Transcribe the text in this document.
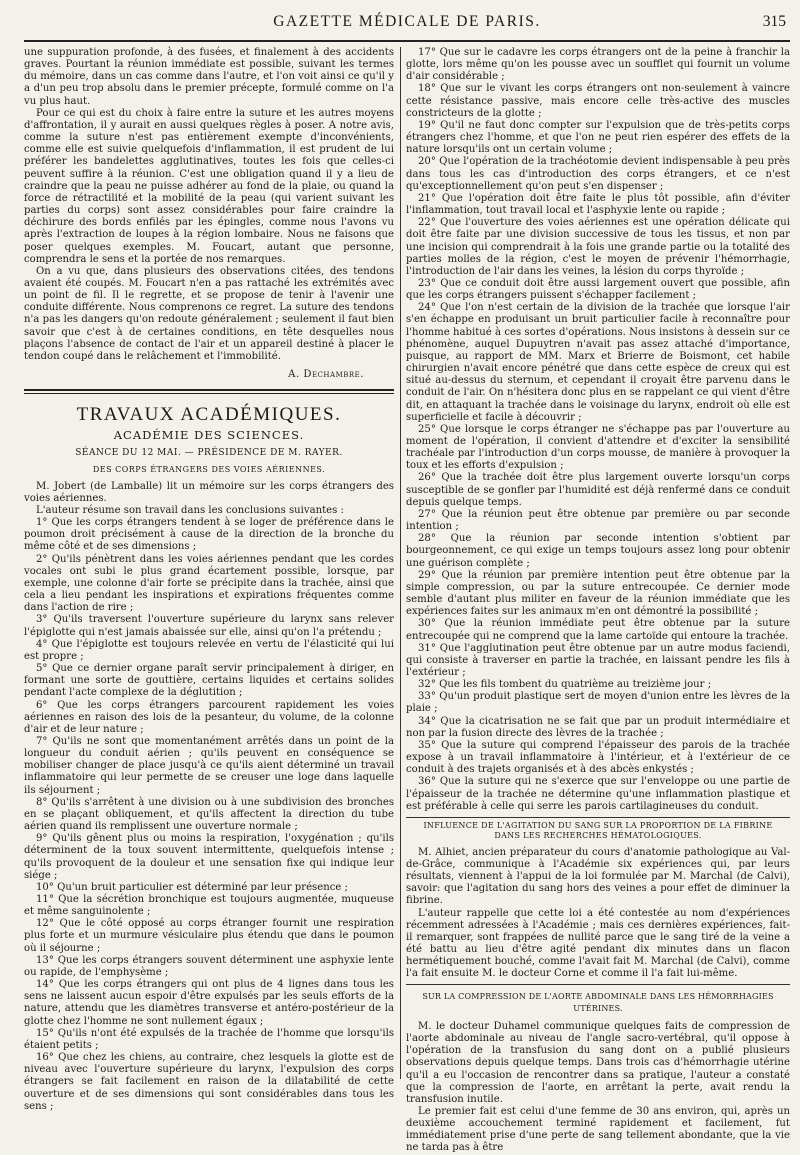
GAZETTE MÉDICALE DE PARIS.	315

une suppuration profonde, à des fusées, et finalement à des accidents graves. Pourtant la réunion immédiate est possible, suivant les termes du mémoire, dans un cas comme dans l'autre, et l'on voit ainsi ce qu'il y a d'un peu trop absolu dans le premier précepte, formulé comme on l'a vu plus haut.

Pour ce qui est du choix à faire entre la suture et les autres moyens d'affrontation, il y aurait en aussi quelques règles à poser. A notre avis, comme la suture n'est pas entièrement exempte d'inconvénients, comme elle est suivie quelquefois d'inflammation, il est prudent de lui préférer les bandelettes agglutinatives, toutes les fois que celles-ci peuvent suffire à la réunion. C'est une obligation quand il y a lieu de craindre que la peau ne puisse adhérer au fond de la plaie, ou quand la force de rétractilité et la mobilité de la peau (qui varient suivant les parties du corps) sont assez considérables pour faire craindre la déchirure des bords enfilés par les épingles, comme nous l'avons vu après l'extraction de loupes à la région lombaire. Nous ne faisons que poser quelques exemples. M. Foucart, autant que personne, comprendra le sens et la portée de nos remarques.

On a vu que, dans plusieurs des observations citées, des tendons avaient été coupés. M. Foucart n'en a pas rattaché les extrémités avec un point de fil. Il le regrette, et se propose de tenir à l'avenir une conduite différente. Nous comprenons ce regret. La suture des tendons n'a pas les dangers qu'on redoute généralement ; seulement il faut bien savoir que c'est à de certaines conditions, en tête desquelles nous plaçons l'absence de contact de l'air et un appareil destiné à placer le tendon coupé dans le relâchement et l'immobilité.

A. Dechambre.
TRAVAUX ACADÉMIQUES.
ACADÉMIE DES SCIENCES.
SÉANCE DU 12 MAI. — PRÉSIDENCE DE M. RAYER.
DES CORPS ÉTRANGERS DES VOIES AÉRIENNES.

M. Jobert (de Lamballe) lit un mémoire sur les corps étrangers des voies aériennes.

L'auteur résume son travail dans les conclusions suivantes :

1° Que les corps étrangers tendent à se loger de préférence dans le poumon droit précisément à cause de la direction de la bronche du même côté et de ses dimensions ;

2° Qu'ils pénètrent dans les voies aériennes pendant que les cordes vocales ont subi le plus grand écartement possible, lorsque, par exemple, une colonne d'air forte se précipite dans la trachée, ainsi que cela a lieu pendant les inspirations et expirations fréquentes comme dans l'action de rire ;

3° Qu'ils traversent l'ouverture supérieure du larynx sans relever l'épiglotte qui n'est jamais abaissée sur elle, ainsi qu'on l'a prétendu ;

4° Que l'épiglotte est toujours relevée en vertu de l'élasticité qui lui est propre ;

5° Que ce dernier organe paraît servir principalement à diriger, en formant une sorte de gouttière, certains liquides et certains solides pendant l'acte complexe de la déglutition ;

6° Que les corps étrangers parcourent rapidement les voies aériennes en raison des lois de la pesanteur, du volume, de la colonne d'air et de leur nature ;

7° Qu'ils ne sont que momentanément arrêtés dans un point de la longueur du conduit aérien ; qu'ils peuvent en conséquence se mobiliser changer de place jusqu'à ce qu'ils aient déterminé un travail inflammatoire qui leur permette de se creuser une loge dans laquelle ils séjournent ;

8° Qu'ils s'arrêtent à une division ou à une subdivision des bronches en se plaçant obliquement, et qu'ils affectent la direction du tube aérien quand ils remplissent une ouverture normale ;

9° Qu'ils gênent plus ou moins la respiration, l'oxygénation ; qu'ils déterminent de la toux souvent intermittente, quelquefois intense ; qu'ils provoquent de la douleur et une sensation fixe qui indique leur siége ;

10° Qu'un bruit particulier est déterminé par leur présence ;

11° Que la sécrétion bronchique est toujours augmentée, muqueuse et même sanguinolente ;

12° Que le côté opposé au corps étranger fournit une respiration plus forte et un murmure vésiculaire plus étendu que dans le poumon où il séjourne ;

13° Que les corps étrangers souvent déterminent une asphyxie lente ou rapide, de l'emphysème ;

14° Que les corps étrangers qui ont plus de 4 lignes dans tous les sens ne laissent aucun espoir d'être expulsés par les seuls efforts de la nature, attendu que les diamètres transverse et antéro-postérieur de la glotte chez l'homme ne sont nullement égaux ;

15° Qu'ils n'ont été expulsés de la trachée de l'homme que lorsqu'ils étaient petits ;

16° Que chez les chiens, au contraire, chez lesquels la glotte est de niveau avec l'ouverture supérieure du larynx, l'expulsion des corps étrangers se fait facilement en raison de la dilatabilité de cette ouverture et de ses dimensions qui sont considérables dans tous les sens ;

17° Que sur le cadavre les corps étrangers ont de la peine à franchir la glotte, lors même qu'on les pousse avec un soufflet qui fournit un volume d'air considérable ;

18° Que sur le vivant les corps étrangers ont non-seulement à vaincre cette résistance passive, mais encore celle très-active des muscles constricteurs de la glotte ;

19° Qu'il ne faut donc compter sur l'expulsion que de très-petits corps étrangers chez l'homme, et que l'on ne peut rien espérer des effets de la nature lorsqu'ils ont un certain volume ;

20° Que l'opération de la trachéotomie devient indispensable à peu près dans tous les cas d'introduction des corps étrangers, et ce n'est qu'exceptionnellement qu'on peut s'en dispenser ;

21° Que l'opération doit être faite le plus tôt possible, afin d'éviter l'inflammation, tout travail local et l'asphyxie lente ou rapide ;

22° Que l'ouverture des voies aériennes est une opération délicate qui doit être faite par une division successive de tous les tissus, et non par une incision qui comprendrait à la fois une grande partie ou la totalité des parties molles de la région, c'est le moyen de prévenir l'hémorrhagie, l'introduction de l'air dans les veines, la lésion du corps thyroïde ;

23° Que ce conduit doit être aussi largement ouvert que possible, afin que les corps étrangers puissent s'échapper facilement ;

24° Que l'on n'est certain de la division de la trachée que lorsque l'air s'en échappe en produisant un bruit particulier facile à reconnaître pour l'homme habitué à ces sortes d'opérations. Nous insistons à dessein sur ce phénomène, auquel Dupuytren n'avait pas assez attaché d'importance, puisque, au rapport de MM. Marx et Brierre de Boismont, cet habile chirurgien n'avait encore pénétré que dans cette espèce de creux qui est situé au-dessus du sternum, et cependant il croyait être parvenu dans le conduit de l'air. On n'hésitera donc plus en se rappelant ce qui vient d'être dit, en attaquant la trachée dans le voisinage du larynx, endroit où elle est superficielle et facile à découvrir ;

25° Que lorsque le corps étranger ne s'échappe pas par l'ouverture au moment de l'opération, il convient d'attendre et d'exciter la sensibilité trachéale par l'introduction d'un corps mousse, de manière à provoquer la toux et les efforts d'expulsion ;

26° Que la trachée doit être plus largement ouverte lorsqu'un corps susceptible de se gonfler par l'humidité est déjà renfermé dans ce conduit depuis quelque temps.

27° Que la réunion peut être obtenue par première ou par seconde intention ;

28° Que la réunion par seconde intention s'obtient par bourgeonnement, ce qui exige un temps toujours assez long pour obtenir une guérison complète ;

29° Que la réunion par première intention peut être obtenue par la simple compression, ou par la suture entrecoupée. Ce dernier mode semble d'autant plus militer en faveur de la réunion immédiate que les expériences faites sur les animaux m'en ont démontré la possibilité ;

30° Que la réunion immédiate peut être obtenue par la suture entrecoupée qui ne comprend que la lame cartoïde qui entoure la trachée.

31° Que l'agglutination peut être obtenue par un autre modus faciendi, qui consiste à traverser en partie la trachée, en laissant pendre les fils à l'extérieur ;

32° Que les fils tombent du quatrième au treizième jour ;

33° Qu'un produit plastique sert de moyen d'union entre les lèvres de la plaie ;

34° Que la cicatrisation ne se fait que par un produit intermédiaire et non par la fusion directe des lèvres de la trachée ;

35° Que la suture qui comprend l'épaisseur des parois de la trachée expose à un travail inflammatoire à l'intérieur, et à l'extérieur de ce conduit à des trajets organisés et à des abcès enkystés ;

36° Que la suture qui ne s'exerce que sur l'enveloppe ou une partie de l'épaisseur de la trachée ne détermine qu'une inflammation plastique et est préférable à celle qui serre les parois cartilagineuses du conduit.

INFLUENCE DE L'AGITATION DU SANG SUR LA PROPORTION DE LA FIBRINE DANS LES RECHERCHES HÉMATOLOGIQUES.

M. Alhiet, ancien préparateur du cours d'anatomie pathologique au Val-de-Grâce, communique à l'Académie six expériences qui, par leurs résultats, viennent à l'appui de la loi formulée par M. Marchal (de Calvi), savoir: que l'agitation du sang hors des veines a pour effet de diminuer la fibrine.

L'auteur rappelle que cette loi a été contestée au nom d'expériences récemment adressées à l'Académie ; mais ces dernières expériences, fait-il remarquer, sont frappées de nullité parce que le sang tiré de la veine a été battu au lieu d'être agité pendant dix minutes dans un flacon hermétiquement bouché, comme l'avait fait M. Marchal (de Calvi), comme l'a fait ensuite M. le docteur Corne et comme il l'a fait lui-même.

SUR LA COMPRESSION DE L'AORTE ABDOMINALE DANS LES HÉMORRHAGIES UTÉRINES.

M. le docteur Duhamel communique quelques faits de compression de l'aorte abdominale au niveau de l'angle sacro-vertébral, qu'il oppose à l'opération de la transfusion du sang dont on a publié plusieurs observations depuis quelque temps. Dans trois cas d'hémorrhagie utérine qu'il a eu l'occasion de rencontrer dans sa pratique, l'auteur a constaté que la compression de l'aorte, en arrêtant la perte, avait rendu la transfusion inutile.

Le premier fait est celui d'une femme de 30 ans environ, qui, après un deuxième accouchement terminé rapidement et facilement, fut immédiatement prise d'une perte de sang tellement abondante, que la vie ne tarda pas à être
